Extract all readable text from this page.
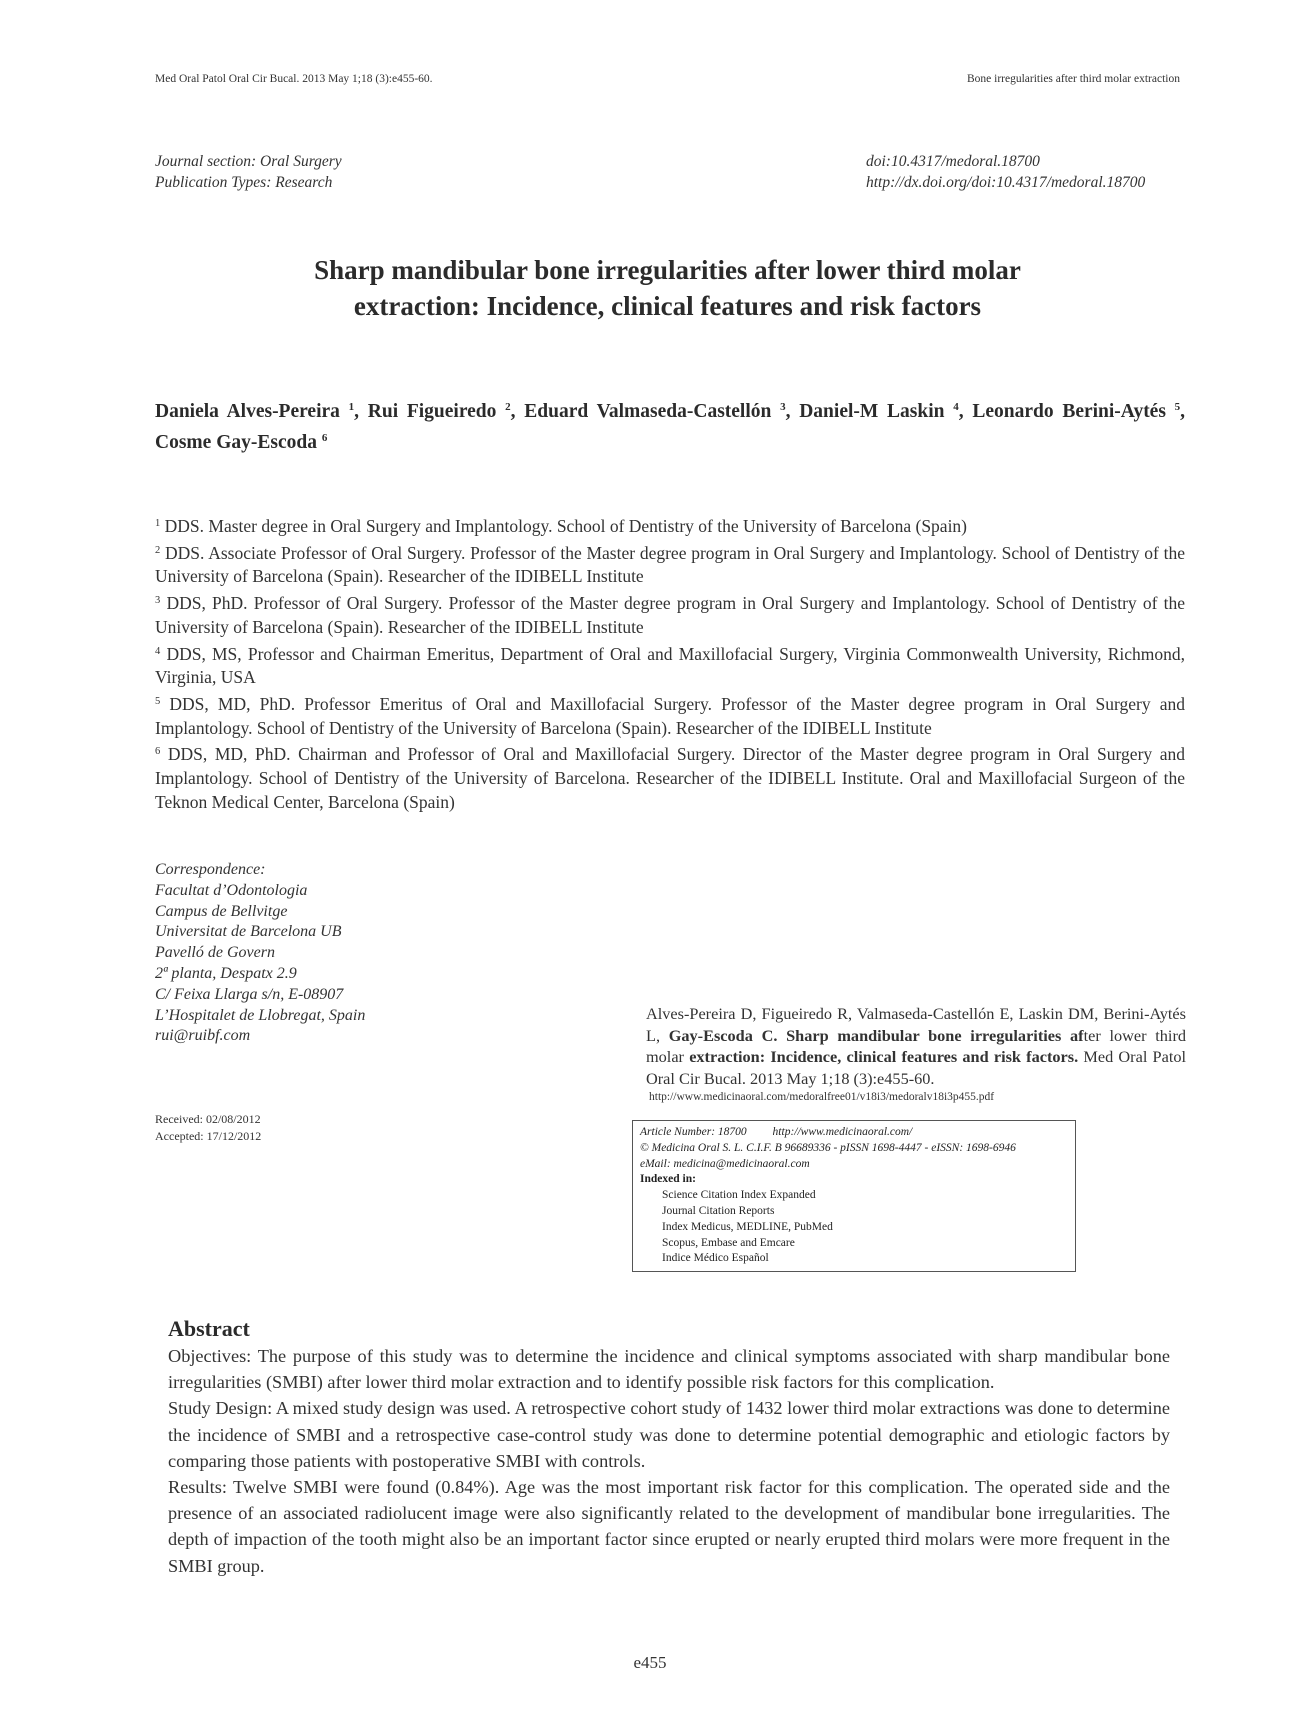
Med Oral Patol Oral Cir Bucal. 2013 May 1;18 (3):e455-60.	Bone irregularities after third molar extraction
Journal section: Oral Surgery
Publication Types: Research
doi:10.4317/medoral.18700
http://dx.doi.org/doi:10.4317/medoral.18700
Sharp mandibular bone irregularities after lower third molar
extraction: Incidence, clinical features and risk factors
Daniela Alves-Pereira $^1$, Rui Figueiredo $^2$, Eduard Valmaseda-Castellón $^3$, Daniel-M Laskin $^4$, Leonardo Berini-Aytés $^5$, Cosme Gay-Escoda $^6$

$^1$ DDS. Master degree in Oral Surgery and Implantology. School of Dentistry of the University of Barcelona (Spain)

$^2$ DDS. Associate Professor of Oral Surgery. Professor of the Master degree program in Oral Surgery and Implantology. School of Dentistry of the University of Barcelona (Spain). Researcher of the IDIBELL Institute

$^3$ DDS, PhD. Professor of Oral Surgery. Professor of the Master degree program in Oral Surgery and Implantology. School of Dentistry of the University of Barcelona (Spain). Researcher of the IDIBELL Institute

$^4$ DDS, MS, Professor and Chairman Emeritus, Department of Oral and Maxillofacial Surgery, Virginia Commonwealth University, Richmond, Virginia, USA

$^5$ DDS, MD, PhD. Professor Emeritus of Oral and Maxillofacial Surgery. Professor of the Master degree program in Oral Surgery and Implantology. School of Dentistry of the University of Barcelona (Spain). Researcher of the IDIBELL Institute

$^6$ DDS, MD, PhD. Chairman and Professor of Oral and Maxillofacial Surgery. Director of the Master degree program in Oral Surgery and Implantology. School of Dentistry of the University of Barcelona. Researcher of the IDIBELL Institute. Oral and Maxillofacial Surgeon of the Teknon Medical Center, Barcelona (Spain)

Correspondence:
Facultat d’Odontologia
Campus de Bellvitge
Universitat de Barcelona UB
Pavelló de Govern
2ª planta, Despatx 2.9
C/ Feixa Llarga s/n, E-08907
L’Hospitalet de Llobregat, Spain
rui@ruibf.com
Received: 02/08/2012
Accepted: 17/12/2012
Alves-Pereira D, Figueiredo R, Valmaseda-Castellón E, Laskin DM, Berini-Aytés L, Gay-Escoda C. Sharp mandibular bone irregularities after lower third molar extraction: Incidence, clinical features and risk factors. Med Oral Patol Oral Cir Bucal. 2013 May 1;18 (3):e455-60.
http://www.medicinaoral.com/medoralfree01/v18i3/medoralv18i3p455.pdf
Article Number: 18700         http://www.medicinaoral.com/
© Medicina Oral S. L. C.I.F. B 96689336 - pISSN 1698-4447 - eISSN: 1698-6946
eMail: medicina@medicinaoral.com
Indexed in:
Science Citation Index Expanded
Journal Citation Reports
Index Medicus, MEDLINE, PubMed
Scopus, Embase and Emcare
Indice Médico Español
Abstract

Objectives: The purpose of this study was to determine the incidence and clinical symptoms associated with sharp mandibular bone irregularities (SMBI) after lower third molar extraction and to identify possible risk factors for this complication.

Study Design: A mixed study design was used. A retrospective cohort study of 1432 lower third molar extractions was done to determine the incidence of SMBI and a retrospective case-control study was done to determine potential demographic and etiologic factors by comparing those patients with postoperative SMBI with controls.

Results: Twelve SMBI were found (0.84%). Age was the most important risk factor for this complication. The operated side and the presence of an associated radiolucent image were also significantly related to the development of mandibular bone irregularities. The depth of impaction of the tooth might also be an important factor since erupted or nearly erupted third molars were more frequent in the SMBI group.

e455
